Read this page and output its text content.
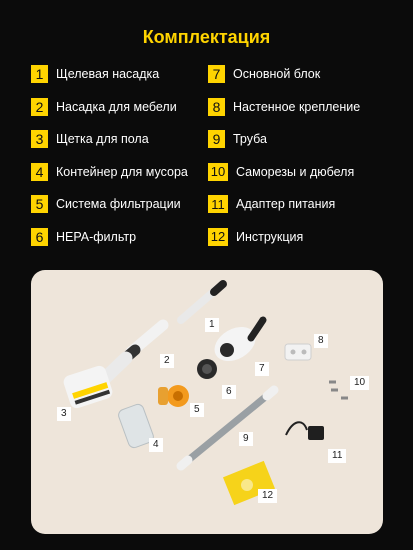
Комплектация
1	Щелевая насадка
2	Насадка для мебели
3	Щетка для пола
4	Контейнер для мусора
5	Система фильтрации
6	HEPA-фильтр
7	Основной блок
8	Настенное крепление
9	Труба
10 Саморезы и дюбеля
11 Адаптер питания
12 Инструкция
1
2
3
4
5
6
7
8
9
10
11
12
